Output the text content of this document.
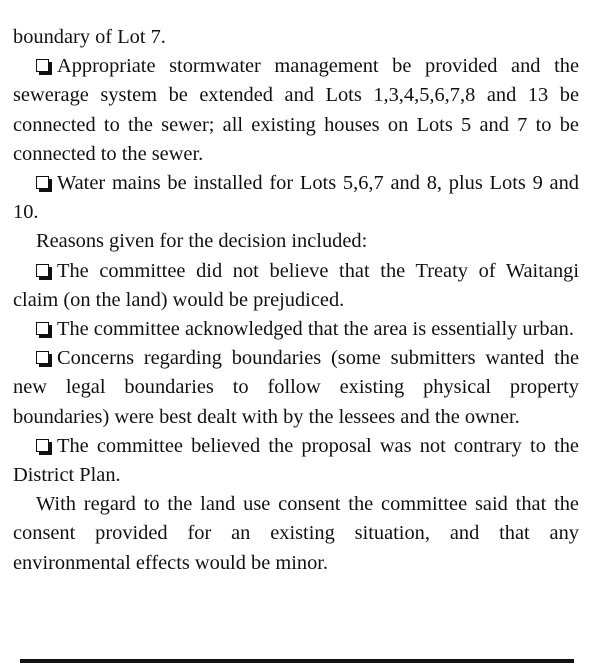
boundary of Lot 7.

Appropriate stormwater management be provided and the sewerage system be extended and Lots 1,3,4,5,6,7,8 and 13 be connected to the sewer; all existing houses on Lots 5 and 7 to be connected to the sewer.

Water mains be installed for Lots 5,6,7 and 8, plus Lots 9 and 10.

Reasons given for the decision included:

The committee did not believe that the Treaty of Waitangi claim (on the land) would be prejudiced.

The committee acknowledged that the area is essentially urban.

Concerns regarding boundaries (some submitters wanted the new legal boundaries to follow existing physical property boundaries) were best dealt with by the lessees and the owner.

The committee believed the proposal was not contrary to the District Plan.

With regard to the land use consent the committee said that the consent provided for an existing situation, and that any environmental effects would be minor.
